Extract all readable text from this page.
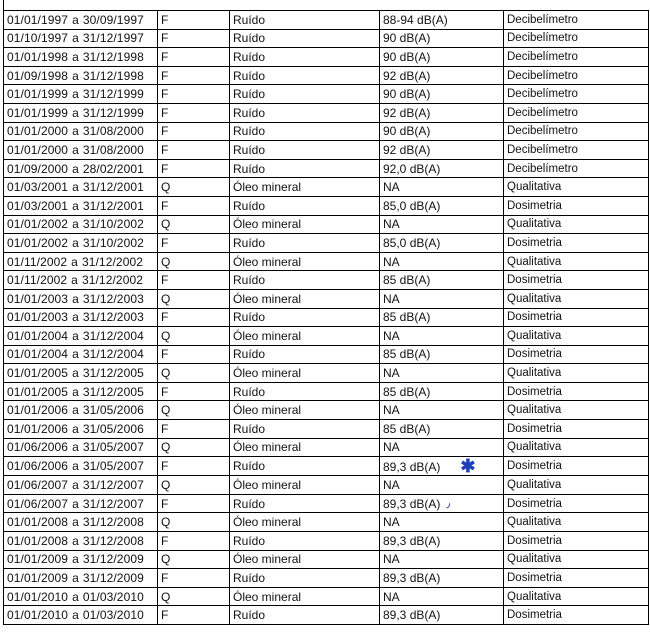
01/01/1997 a 30/09/1997	F	Ruído	88-94 dB(A)	Decibelímetro
01/10/1997 a 31/12/1997	F	Ruído	90 dB(A)	Decibelímetro
01/01/1998 a 31/12/1998	F	Ruído	90 dB(A)	Decibelímetro
01/09/1998 a 31/12/1998	F	Ruído	92 dB(A)	Decibelímetro
01/01/1999 a 31/12/1999	F	Ruído	90 dB(A)	Decibelímetro
01/01/1999 a 31/12/1999	F	Ruído	92 dB(A)	Decibelímetro
01/01/2000 a 31/08/2000	F	Ruído	90 dB(A)	Decibelímetro
01/01/2000 a 31/08/2000	F	Ruído	92 dB(A)	Decibelímetro
01/09/2000 a 28/02/2001	F	Ruído	92,0 dB(A)	Decibelímetro
01/03/2001 a 31/12/2001	Q	Óleo mineral	NA	Qualitativa
01/03/2001 a 31/12/2001	F	Ruído	85,0 dB(A)	Dosimetria
01/01/2002 a 31/10/2002	Q	Óleo mineral	NA	Qualitativa
01/01/2002 a 31/10/2002	F	Ruído	85,0 dB(A)	Dosimetria
01/11/2002 a 31/12/2002	Q	Óleo mineral	NA	Qualitativa
01/11/2002 a 31/12/2002	F	Ruído	85 dB(A)	Dosimetria
01/01/2003 a 31/12/2003	Q	Óleo mineral	NA	Qualitativa
01/01/2003 a 31/12/2003	F	Ruído	85 dB(A)	Dosimetria
01/01/2004 a 31/12/2004	Q	Óleo mineral	NA	Qualitativa
01/01/2004 a 31/12/2004	F	Ruído	85 dB(A)	Dosimetria
01/01/2005 a 31/12/2005	Q	Óleo mineral	NA	Qualitativa
01/01/2005 a 31/12/2005	F	Ruído	85 dB(A)	Dosimetria
01/01/2006 a 31/05/2006	Q	Óleo mineral	NA	Qualitativa
01/01/2006 a 31/05/2006	F	Ruído	85 dB(A)	Dosimetria
01/06/2006 a 31/05/2007	Q	Óleo mineral	NA	Qualitativa
01/06/2006 a 31/05/2007	F	Ruído	89,3 dB(A) ✱	Dosimetria
01/06/2007 a 31/12/2007	Q	Óleo mineral	NA	Qualitativa
01/06/2007 a 31/12/2007	F	Ruído	89,3 dB(A) ٫	Dosimetria
01/01/2008 a 31/12/2008	Q	Óleo mineral	NA	Qualitativa
01/01/2008 a 31/12/2008	F	Ruído	89,3 dB(A)	Dosimetria
01/01/2009 a 31/12/2009	Q	Óleo mineral	NA	Qualitativa
01/01/2009 a 31/12/2009	F	Ruído	89,3 dB(A)	Dosimetria
01/01/2010 a 01/03/2010	Q	Óleo mineral	NA	Qualitativa
01/01/2010 a 01/03/2010	F	Ruído	89,3 dB(A)	Dosimetria
